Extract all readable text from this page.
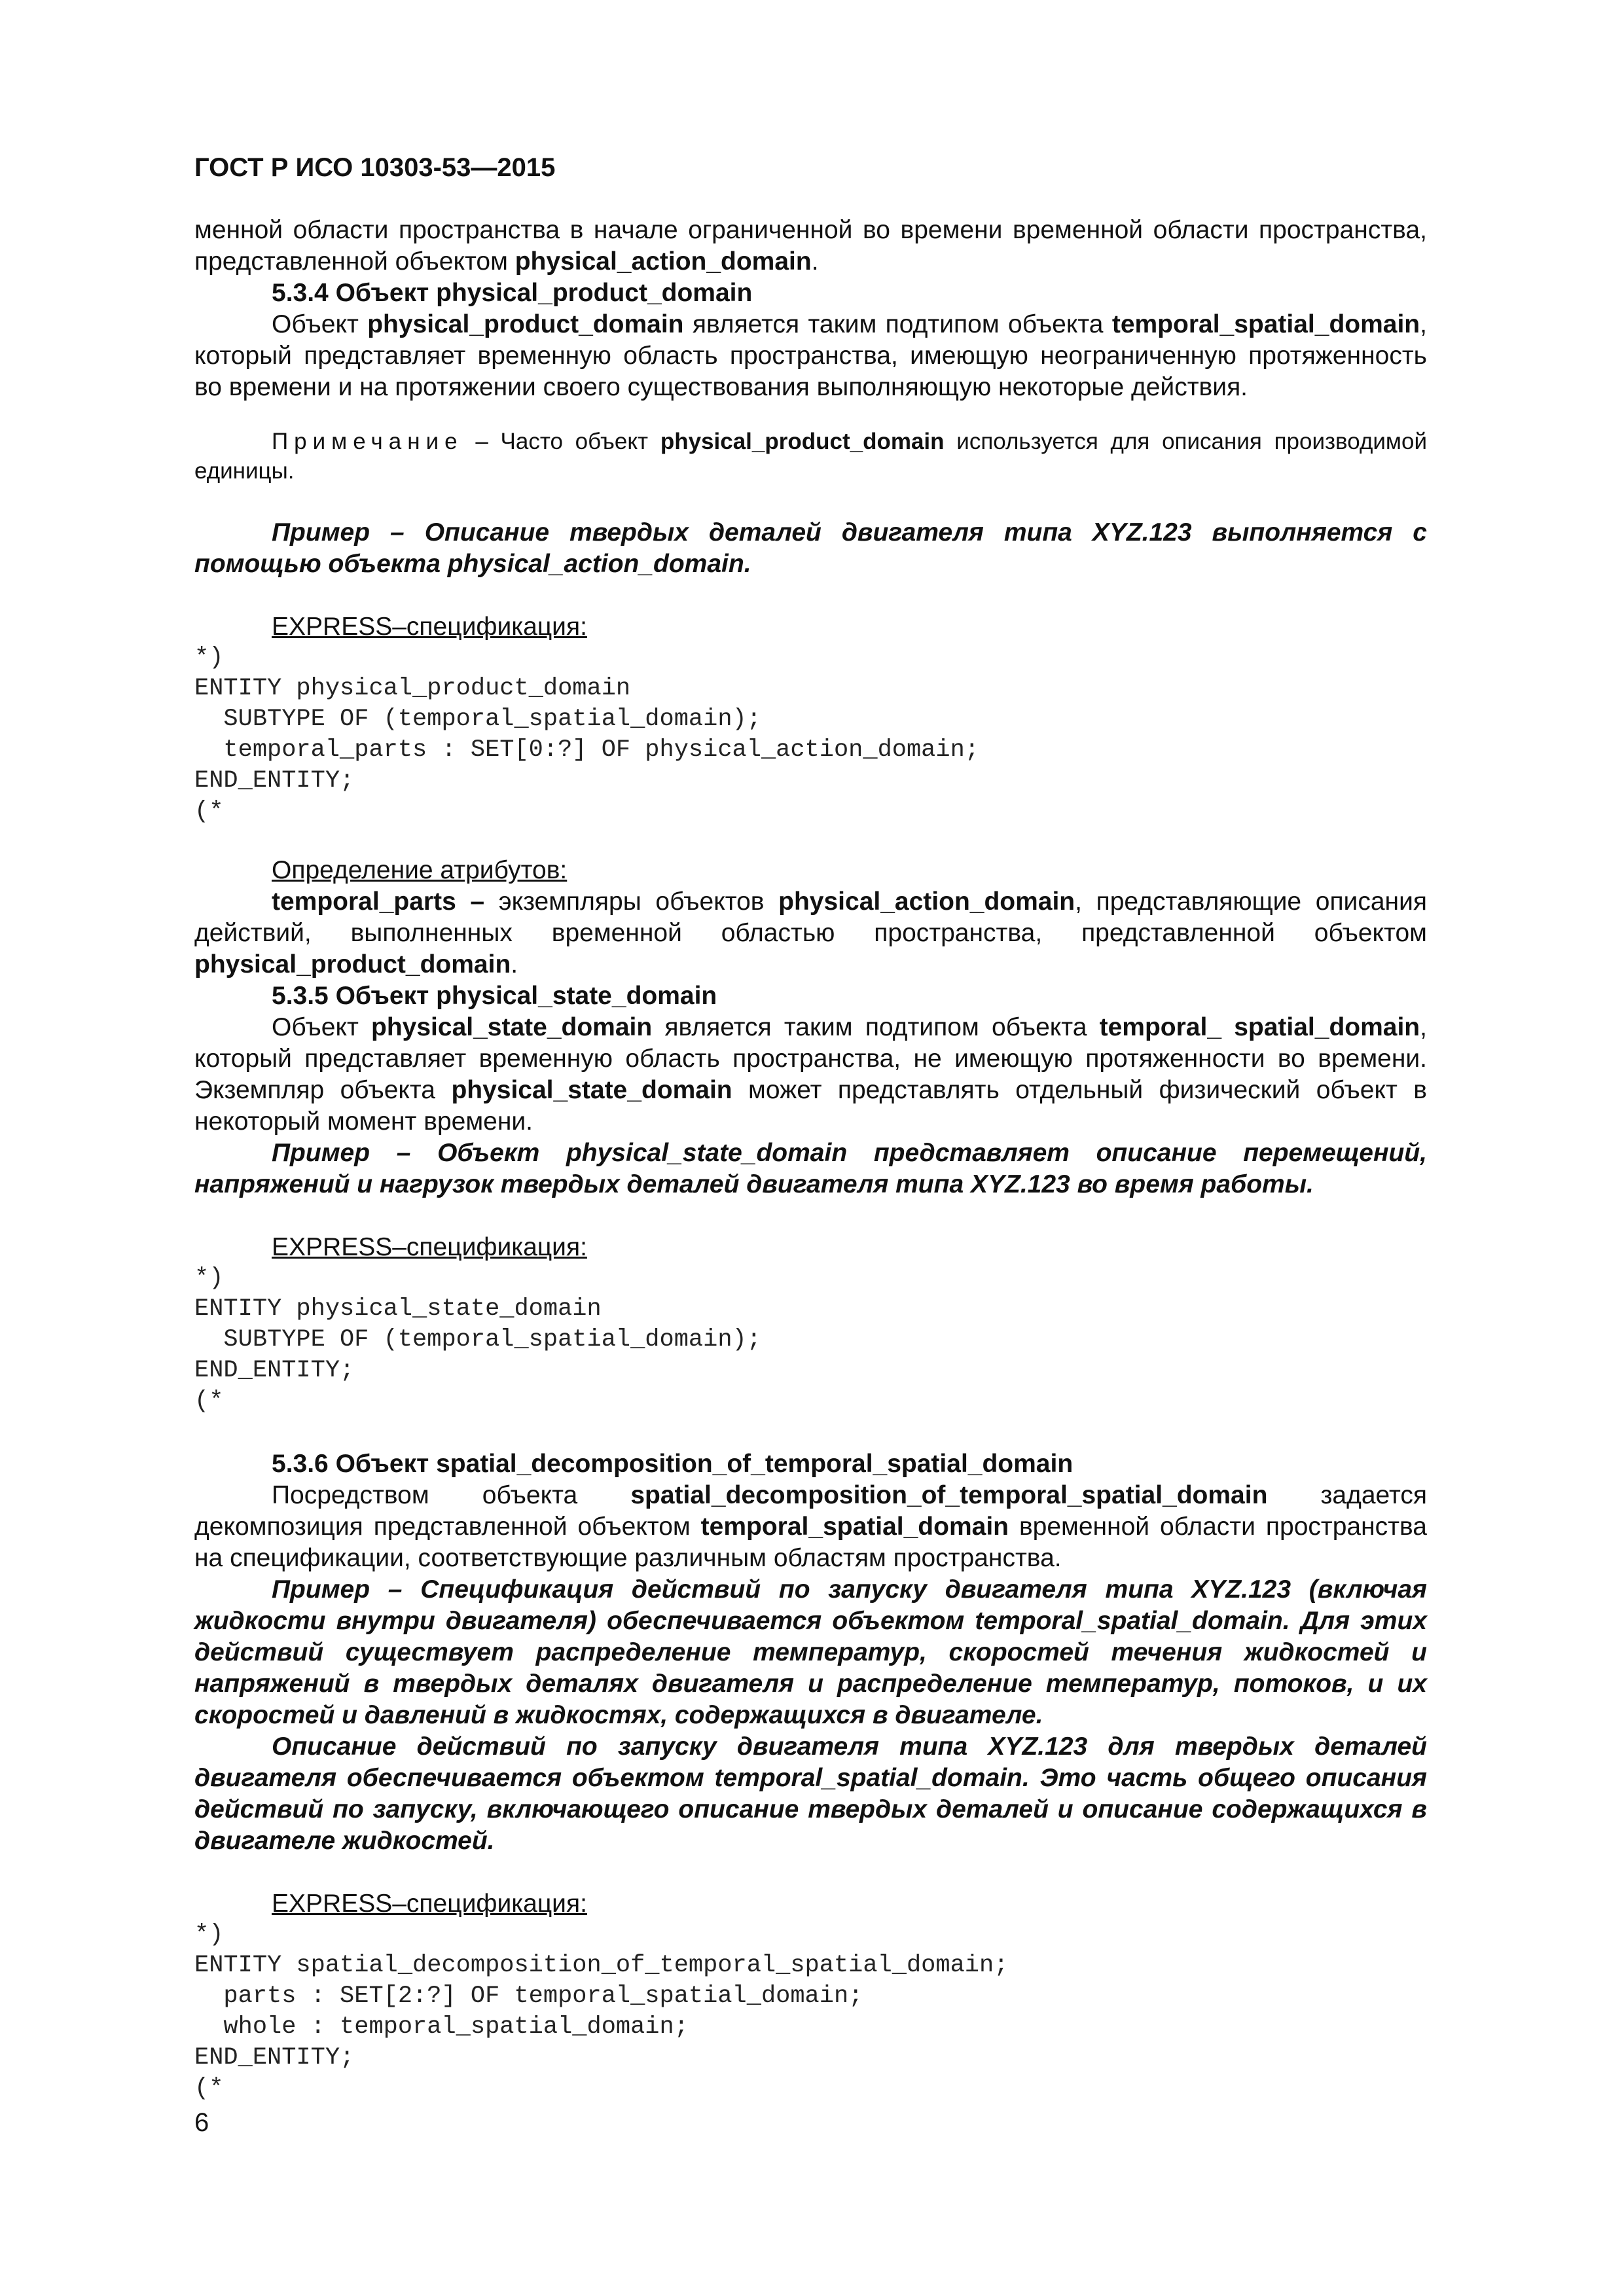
ГОСТ Р ИСО 10303-53—2015

менной области пространства в начале ограниченной во времени временной области пространства, представленной объектом physical_action_domain.

5.3.4 Объект physical_product_domain

Объект physical_product_domain является таким подтипом объекта temporal_spatial_domain, который представляет временную область пространства, имеющую неограниченную протяженность во времени и на протяжении своего существования выполняющую некоторые действия.

Примечание – Часто объект physical_product_domain используется для описания производимой единицы.

Пример – Описание твердых деталей двигателя типа XYZ.123 выполняется с помощью объекта physical_action_domain.

EXPRESS–спецификация:

*)
ENTITY physical_product_domain
SUBTYPE OF (temporal_spatial_domain);
temporal_parts : SET[0:?] OF physical_action_domain;
END_ENTITY;
(*

Определение атрибутов:

temporal_parts – экземпляры объектов physical_action_domain, представляющие описания действий, выполненных временной областью пространства, представленной объектом physical_product_domain.

5.3.5 Объект physical_state_domain

Объект physical_state_domain является таким подтипом объекта temporal_ spatial_domain, который представляет временную область пространства, не имеющую протяженности во времени. Экземпляр объекта physical_state_domain может представлять отдельный физический объект в некоторый момент времени.

Пример – Объект physical_state_domain представляет описание перемещений, напряжений и нагрузок твердых деталей двигателя типа XYZ.123 во время работы.

EXPRESS–спецификация:

*)
ENTITY physical_state_domain
SUBTYPE OF (temporal_spatial_domain);
END_ENTITY;
(*

5.3.6 Объект spatial_decomposition_of_temporal_spatial_domain

Посредством объекта spatial_decomposition_of_temporal_spatial_domain задается декомпозиция представленной объектом temporal_spatial_domain временной области пространства на спецификации, соответствующие различным областям пространства.

Пример – Спецификация действий по запуску двигателя типа XYZ.123 (включая жидкости внутри двигателя) обеспечивается объектом temporal_spatial_domain. Для этих действий существует распределение температур, скоростей течения жидкостей и напряжений в твердых деталях двигателя и распределение температур, потоков, и их скоростей и давлений в жидкостях, содержащихся в двигателе.

Описание действий по запуску двигателя типа XYZ.123 для твердых деталей двигателя обеспечивается объектом temporal_spatial_domain. Это часть общего описания действий по запуску, включающего описание твердых деталей и описание содержащихся в двигателе жидкостей.

EXPRESS–спецификация:

*)
ENTITY spatial_decomposition_of_temporal_spatial_domain;
parts : SET[2:?] OF temporal_spatial_domain;
whole : temporal_spatial_domain;
END_ENTITY;
(*
6
